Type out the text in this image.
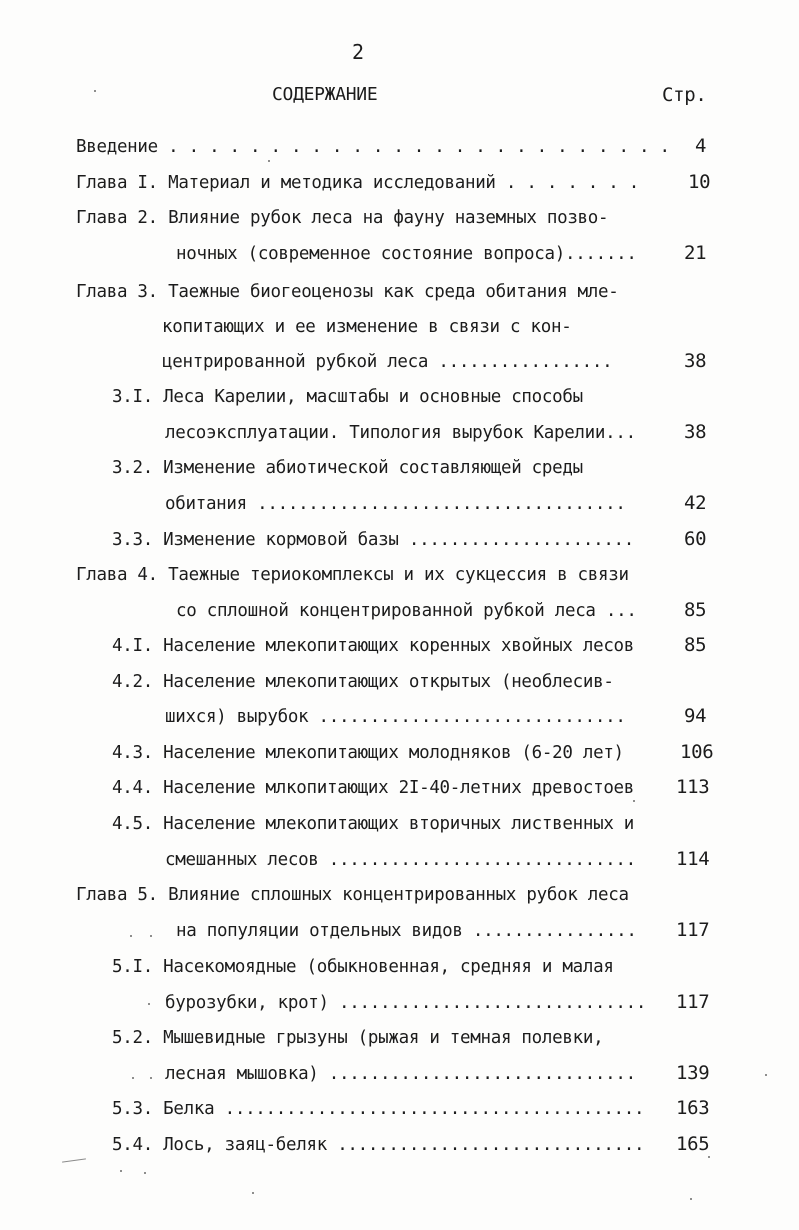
2
СОДЕРЖАНИЕ	Стр.
Введение . . . . . . . . . . . . . . . . . . . . . . . . . 4
Глава I. Материал и методика исследований . . . . . . .	10
Глава 2. Влияние рубок леса на фауну наземных позво-
ночных (современное состояние вопроса)....... 21
Глава 3. Таежные биогеоценозы как среда обитания мле-
копитающих и ее изменение в связи с кон-
центрированной рубкой леса .................	38
3.I. Леса Карелии, масштабы и основные способы
лесоэксплуатации. Типология вырубок Карелии...	38
3.2. Изменение абиотической составляющей среды
обитания ....................................	42
3.3. Изменение кормовой базы ......................	60
Глава 4. Таежные териокомплексы и их сукцессия в связи
со сплошной концентрированной рубкой леса ... 85
4.I. Население млекопитающих коренных хвойных лесов	85
4.2. Население млекопитающих открытых (необлесив-
шихся) вырубок ..............................	94
4.3. Население млекопитающих молодняков (6-20 лет)	106
4.4. Население млкопитающих 2I-40-летних древостоев 113
4.5. Население млекопитающих вторичных лиственных и
смешанных лесов .............................. 114
Глава 5. Влияние сплошных концентрированных рубок леса
на популяции отдельных видов ................ 117
5.I. Насекомоядные (обыкновенная, средняя и малая
бурозубки, крот) .............................. 117
5.2. Мышевидные грызуны (рыжая и темная полевки,
лесная мышовка) .............................. 139
5.3. Белка ......................................... 163
5.4. Лось, заяц-беляк .............................. 165
